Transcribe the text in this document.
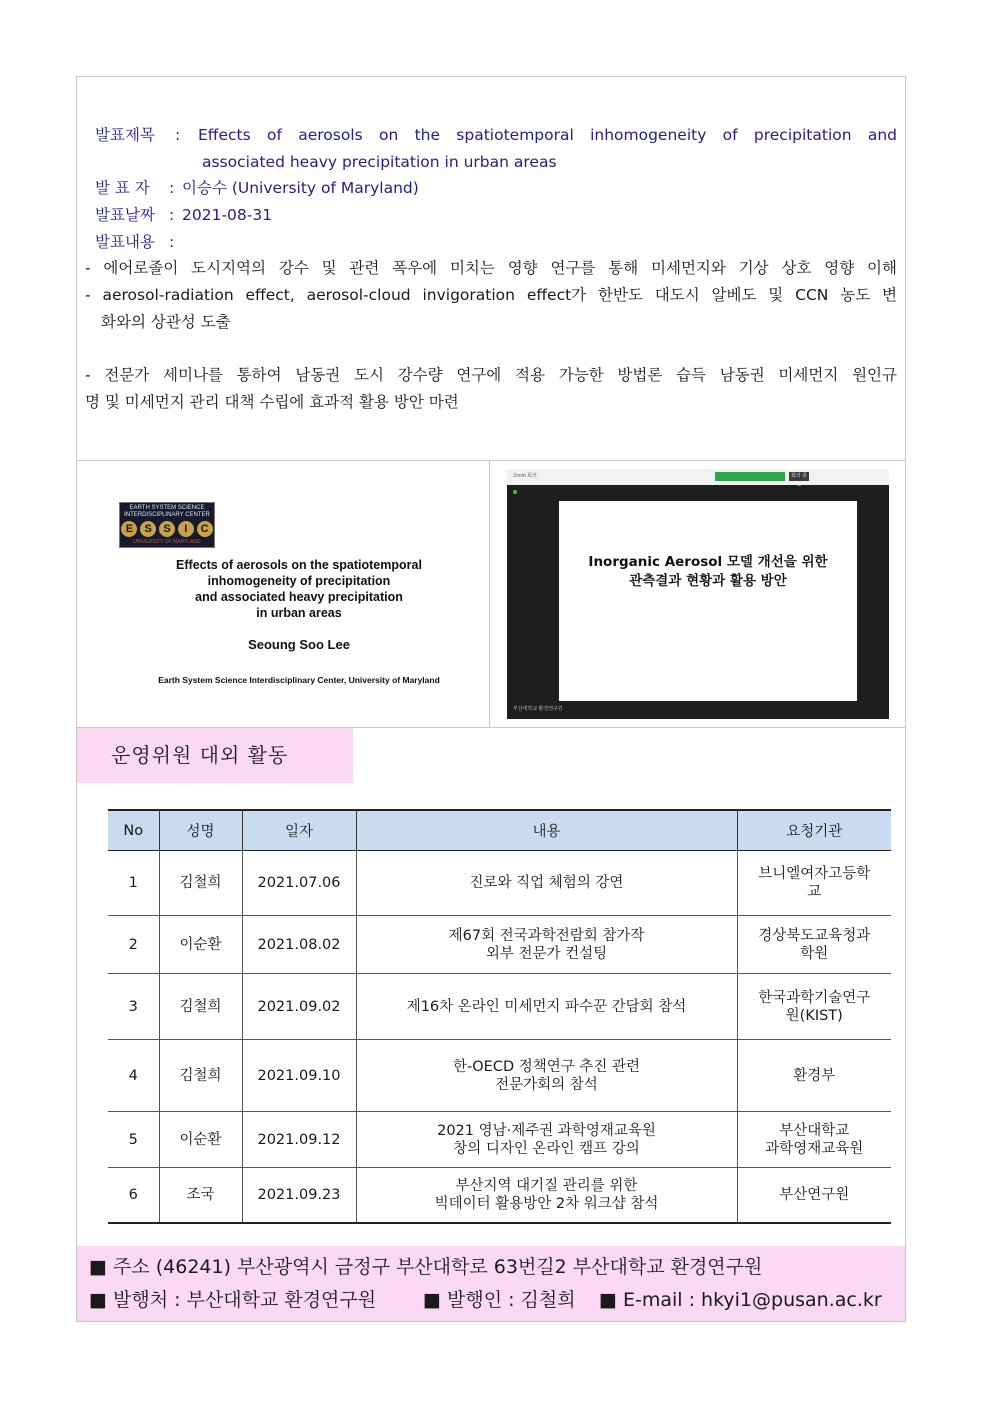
발표제목 : Effects of aerosols on the spatiotemporal inhomogeneity of precipitation and
associated heavy precipitation in urban areas
발 표 자 : 이승수 (University of Maryland)
발표날짜 : 2021-08-31
발표내용 :
- 에어로졸이 도시지역의 강수 및 관련 폭우에 미치는 영향 연구를 통해 미세먼지와 기상 상호 영향 이해
- aerosol-radiation effect, aerosol-cloud invigoration effect가 한반도 대도시 알베도 및 CCN 농도 변
화와의 상관성 도출
- 전문가 세미나를 통하여 남동권 도시 강수량 연구에 적용 가능한 방법론 습득 남동권 미세먼지 원인규
명 및 미세먼지 관리 대책 수립에 효과적 활용 방안 마련
EARTH SYSTEM SCIENCE INTERDISCIPLINARY CENTER
E	S	S	I	C
UNIVERSITY OF MARYLAND
Effects of aerosols on the spatiotemporal
inhomogeneity of precipitation
and associated heavy precipitation
in urban areas
Seoung Soo Lee
Earth System Science Interdisciplinary Center, University of Maryland
Zoom 회의	회의 종료
Inorganic Aerosol 모델 개선을 위한
관측결과 현황과 활용 방안
부산대학교 환경연구원
운영위원 대외 활동
No	성명	일자	내용	요청기관
1	김철희	2021.07.06	진로와 직업 체험의 강연	브니엘여자고등학
교
2	이순환	2021.08.02	제67회 전국과학전람회 참가작
외부 전문가 컨설팅	경상북도교육청과
학원
3	김철희	2021.09.02	제16차 온라인 미세먼지 파수꾼 간담회 참석	한국과학기술연구
원(KIST)
4	김철희	2021.09.10	한-OECD 정책연구 추진 관련
전문가회의 참석	환경부
5	이순환	2021.09.12	2021 영남·제주권 과학영재교육원
창의 디자인 온라인 캠프 강의	부산대학교
과학영재교육원
6	조국	2021.09.23	부산지역 대기질 관리를 위한
빅데이터 활용방안 2차 워크샵 참석	부산연구원
■ 주소 (46241) 부산광역시 금정구 부산대학로 63번길2 부산대학교 환경연구원
■ 발행처 : 부산대학교 환경연구원 ■ 발행인 : 김철희 ■ E-mail : hkyi1@pusan.ac.kr
